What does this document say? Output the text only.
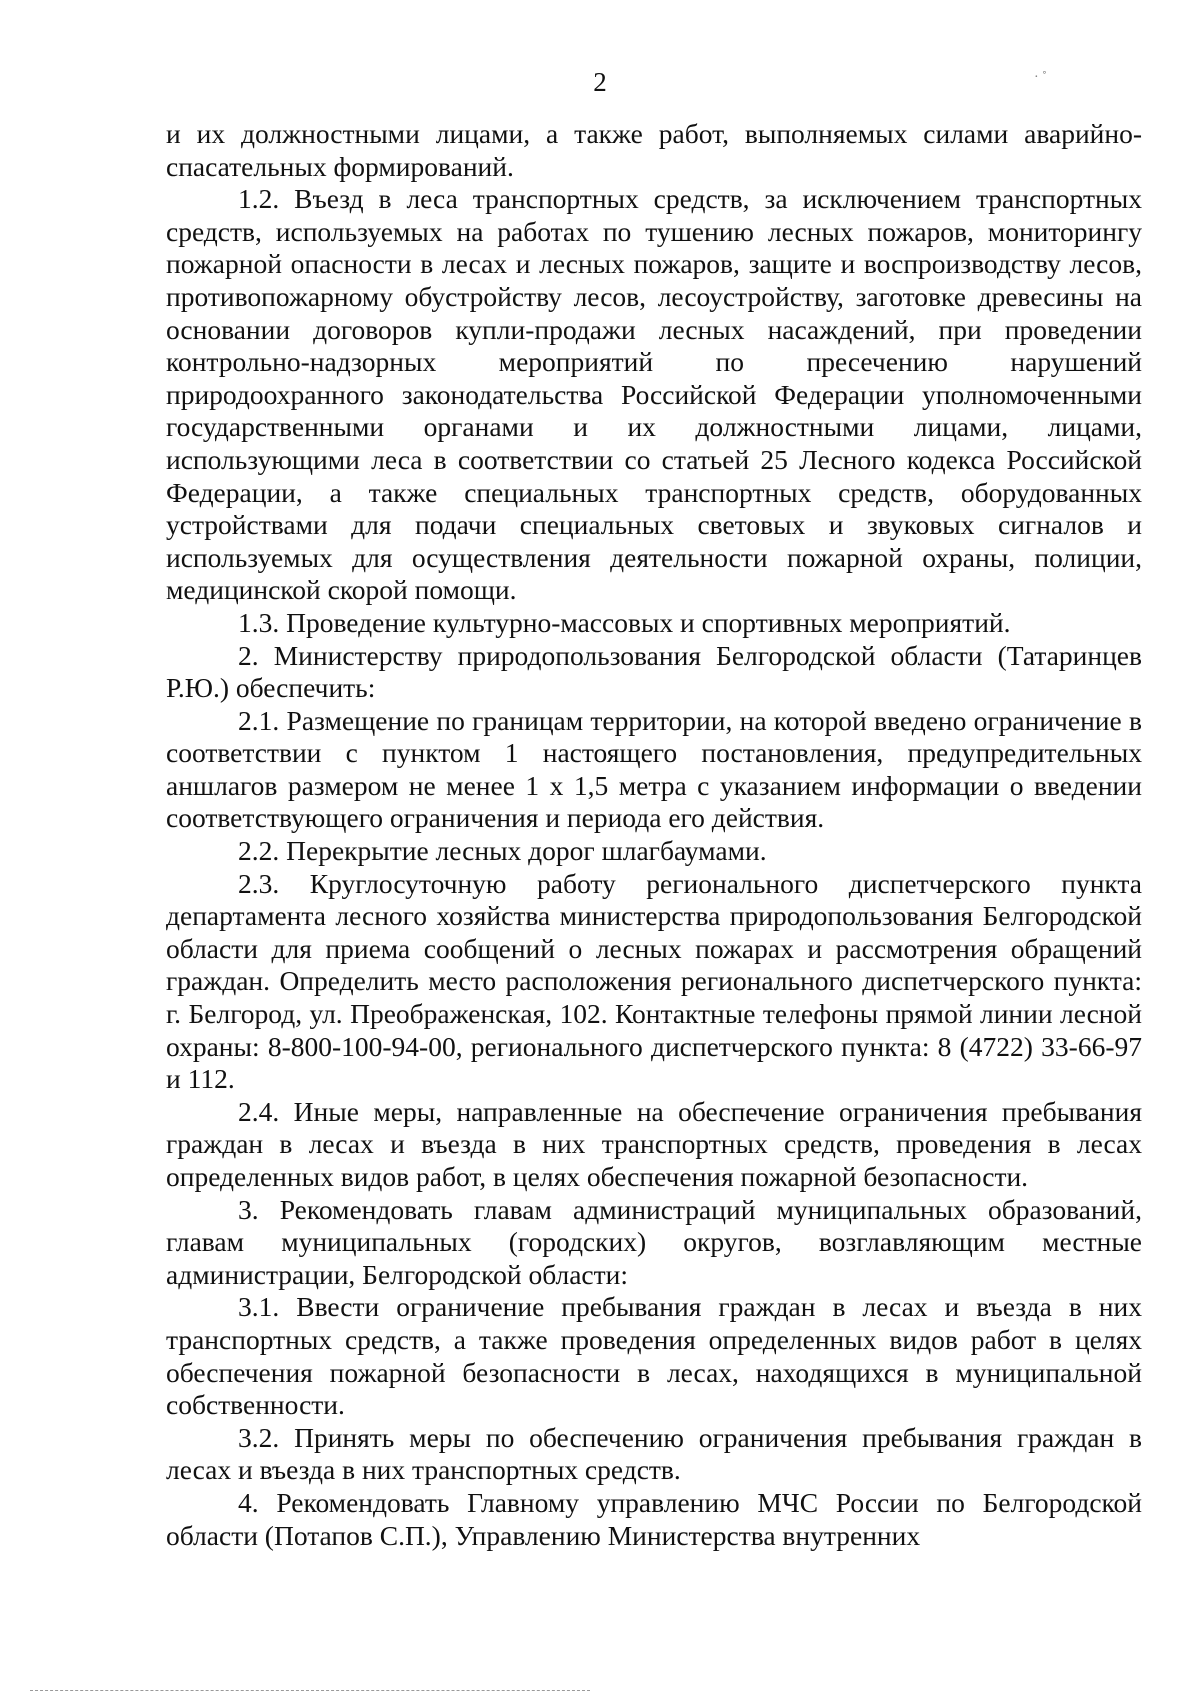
2	· ˚

и их должностными лицами, а также работ, выполняемых силами аварийно-спасательных формирований.

1.2. Въезд в леса транспортных средств, за исключением транспортных средств, используемых на работах по тушению лесных пожаров, мониторингу пожарной опасности в лесах и лесных пожаров, защите и воспроизводству лесов, противопожарному обустройству лесов, лесоустройству, заготовке древесины на основании договоров купли-продажи лесных насаждений, при проведении контрольно-надзорных мероприятий по пресечению нарушений природоохранного законодательства Российской Федерации уполномоченными государственными органами и их должностными лицами, лицами, использующими леса в соответствии со статьей 25 Лесного кодекса Российской Федерации, а также специальных транспортных средств, оборудованных устройствами для подачи специальных световых и звуковых сигналов и используемых для осуществления деятельности пожарной охраны, полиции, медицинской скорой помощи.

1.3. Проведение культурно-массовых и спортивных мероприятий.

2. Министерству природопользования Белгородской области (Татаринцев Р.Ю.) обеспечить:

2.1. Размещение по границам территории, на которой введено ограничение в соответствии с пунктом 1 настоящего постановления, предупредительных аншлагов размером не менее 1 х 1,5 метра с указанием информации о введении соответствующего ограничения и периода его действия.

2.2. Перекрытие лесных дорог шлагбаумами.

2.3. Круглосуточную работу регионального диспетчерского пункта департамента лесного хозяйства министерства природопользования Белгородской области для приема сообщений о лесных пожарах и рассмотрения обращений граждан. Определить место расположения регионального диспетчерского пункта: г. Белгород, ул. Преображенская, 102. Контактные телефоны прямой линии лесной охраны: 8-800-100-94-00, регионального диспетчерского пункта: 8 (4722) 33-66-97 и 112.

2.4. Иные меры, направленные на обеспечение ограничения пребывания граждан в лесах и въезда в них транспортных средств, проведения в лесах определенных видов работ, в целях обеспечения пожарной безопасности.

3. Рекомендовать главам администраций муниципальных образований, главам муниципальных (городских) округов, возглавляющим местные администрации, Белгородской области:

3.1. Ввести ограничение пребывания граждан в лесах и въезда в них транспортных средств, а также проведения определенных видов работ в целях обеспечения пожарной безопасности в лесах, находящихся в муниципальной собственности.

3.2. Принять меры по обеспечению ограничения пребывания граждан в лесах и въезда в них транспортных средств.

4. Рекомендовать Главному управлению МЧС России по Белгородской области (Потапов С.П.), Управлению Министерства внутренних
